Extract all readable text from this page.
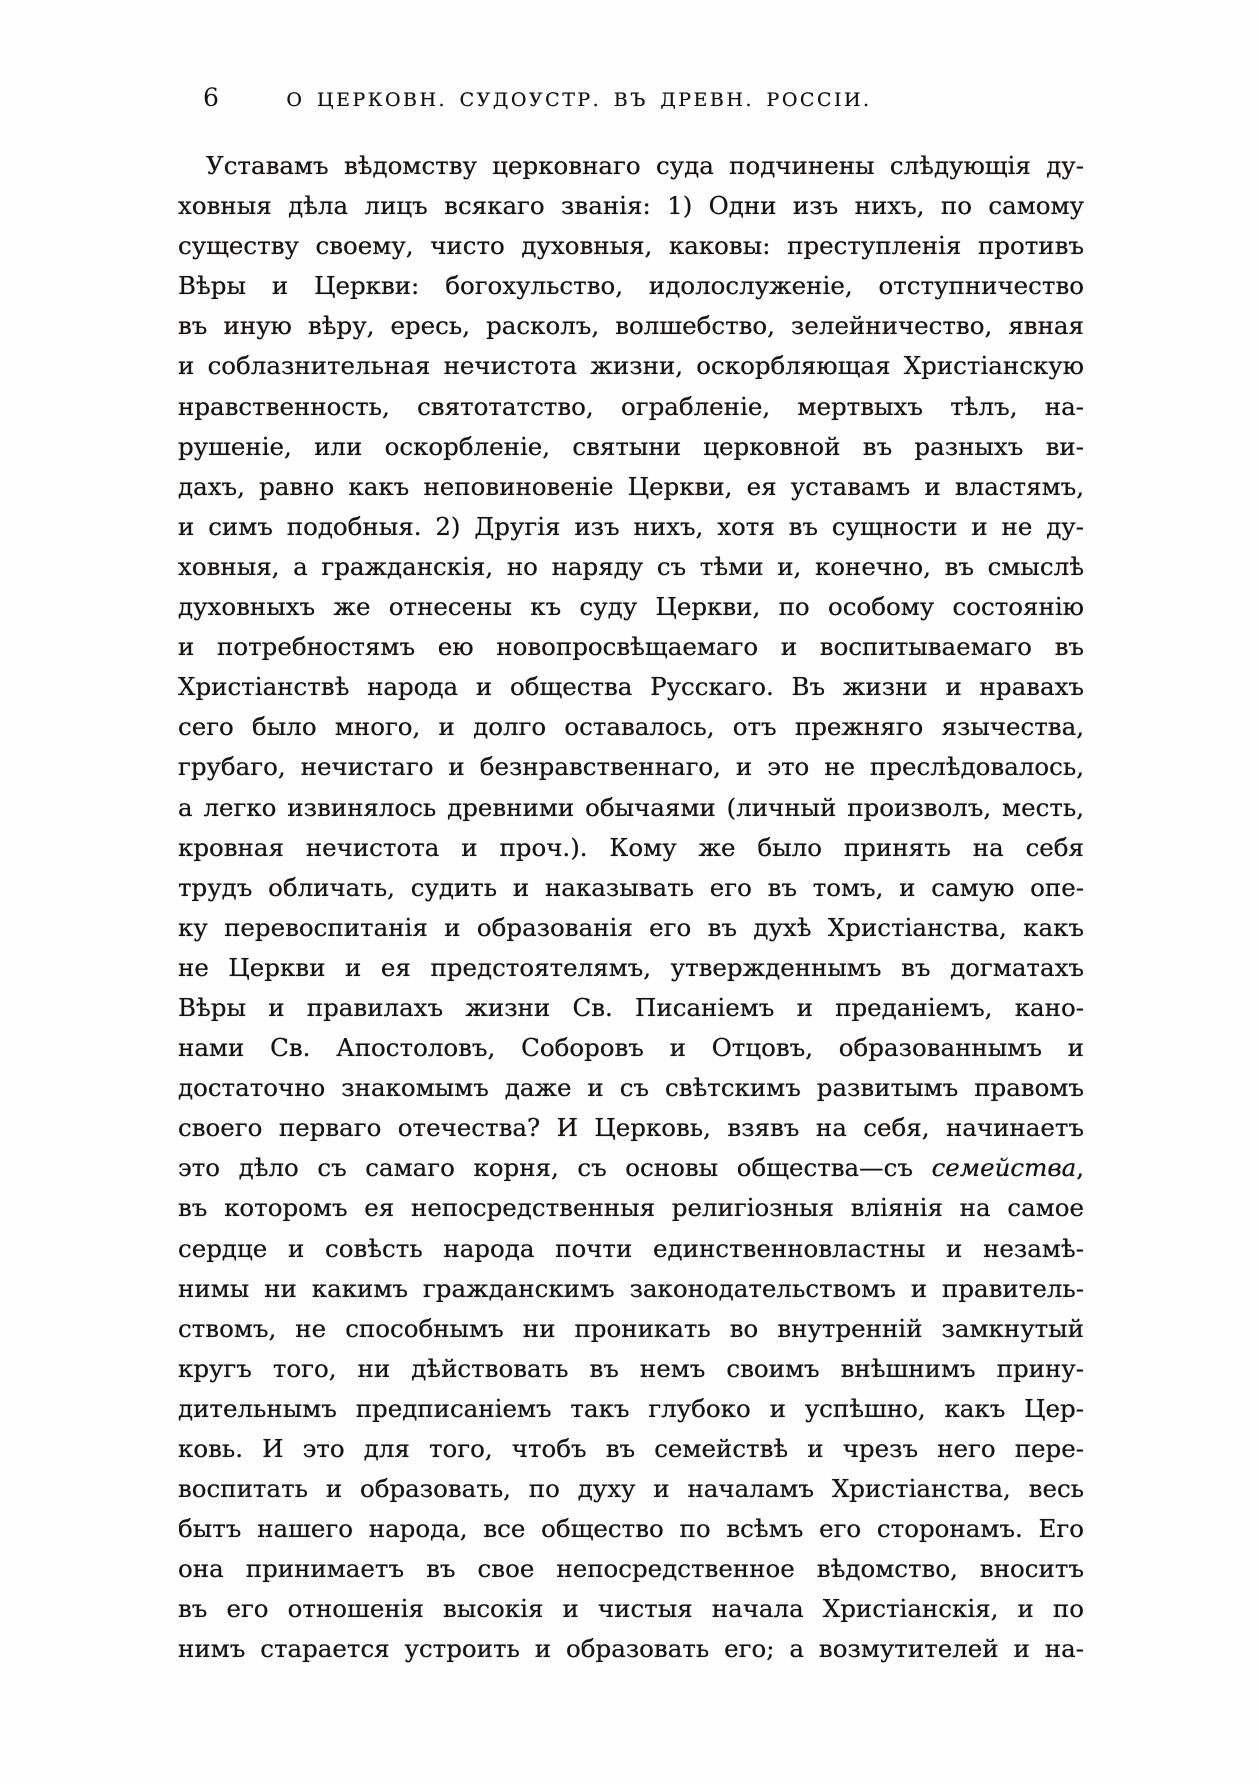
6	О ЦЕРКОВН. СУДОУСТР. ВЪ ДРЕВН. РОССІИ.
Уставамъ вѣдомству церковнаго суда подчинены слѣдующія ду-
ховныя дѣла лицъ всякаго званія: 1) Одни изъ нихъ, по самому
существу своему, чисто духовныя, каковы: преступленія противъ
Вѣры и Церкви: богохульство, идолослуженіе, отступничество
въ иную вѣру, ересь, расколъ, волшебство, зелейничество, явная
и соблазнительная нечистота жизни, оскорбляющая Христіанскую
нравственность, святотатство, ограбленіе, мертвыхъ тѣлъ, на-
рушеніе, или оскорбленіе, святыни церковной въ разныхъ ви-
дахъ, равно какъ неповиновеніе Церкви, ея уставамъ и властямъ,
и симъ подобныя. 2) Другія изъ нихъ, хотя въ сущности и не ду-
ховныя, а гражданскія, но наряду съ тѣми и, конечно, въ смыслѣ
духовныхъ же отнесены къ суду Церкви, по особому состоянію
и потребностямъ ею новопросвѣщаемаго и воспитываемаго въ
Христіанствѣ народа и общества Русскаго. Въ жизни и нравахъ
сего было много, и долго оставалось, отъ прежняго язычества,
грубаго, нечистаго и безнравственнаго, и это не преслѣдовалось,
а легко извинялось древними обычаями (личный произволъ, месть,
кровная нечистота и проч.). Кому же было принять на себя
трудъ обличать, судить и наказывать его въ томъ, и самую опе-
ку перевоспитанія и образованія его въ духѣ Христіанства, какъ
не Церкви и ея предстоятелямъ, утвержденнымъ въ догматахъ
Вѣры и правилахъ жизни Св. Писаніемъ и преданіемъ, кано-
нами Св. Апостоловъ, Соборовъ и Отцовъ, образованнымъ и
достаточно знакомымъ даже и съ свѣтскимъ развитымъ правомъ
своего перваго отечества? И Церковь, взявъ на себя, начинаетъ
это дѣло съ самаго корня, съ основы общества—съ семейства,
въ которомъ ея непосредственныя религіозныя вліянія на самое
сердце и совѣсть народа почти единственновластны и незамѣ-
нимы ни какимъ гражданскимъ законодательствомъ и правитель-
ствомъ, не способнымъ ни проникать во внутренній замкнутый
кругъ того, ни дѣйствовать въ немъ своимъ внѣшнимъ прину-
дительнымъ предписаніемъ такъ глубоко и успѣшно, какъ Цер-
ковь. И это для того, чтобъ въ семействѣ и чрезъ него пере-
воспитать и образовать, по духу и началамъ Христіанства, весь
бытъ нашего народа, все общество по всѣмъ его сторонамъ. Его
она принимаетъ въ свое непосредственное вѣдомство, вноситъ
въ его отношенія высокія и чистыя начала Христіанскія, и по
нимъ старается устроить и образовать его; а возмутителей и на-
